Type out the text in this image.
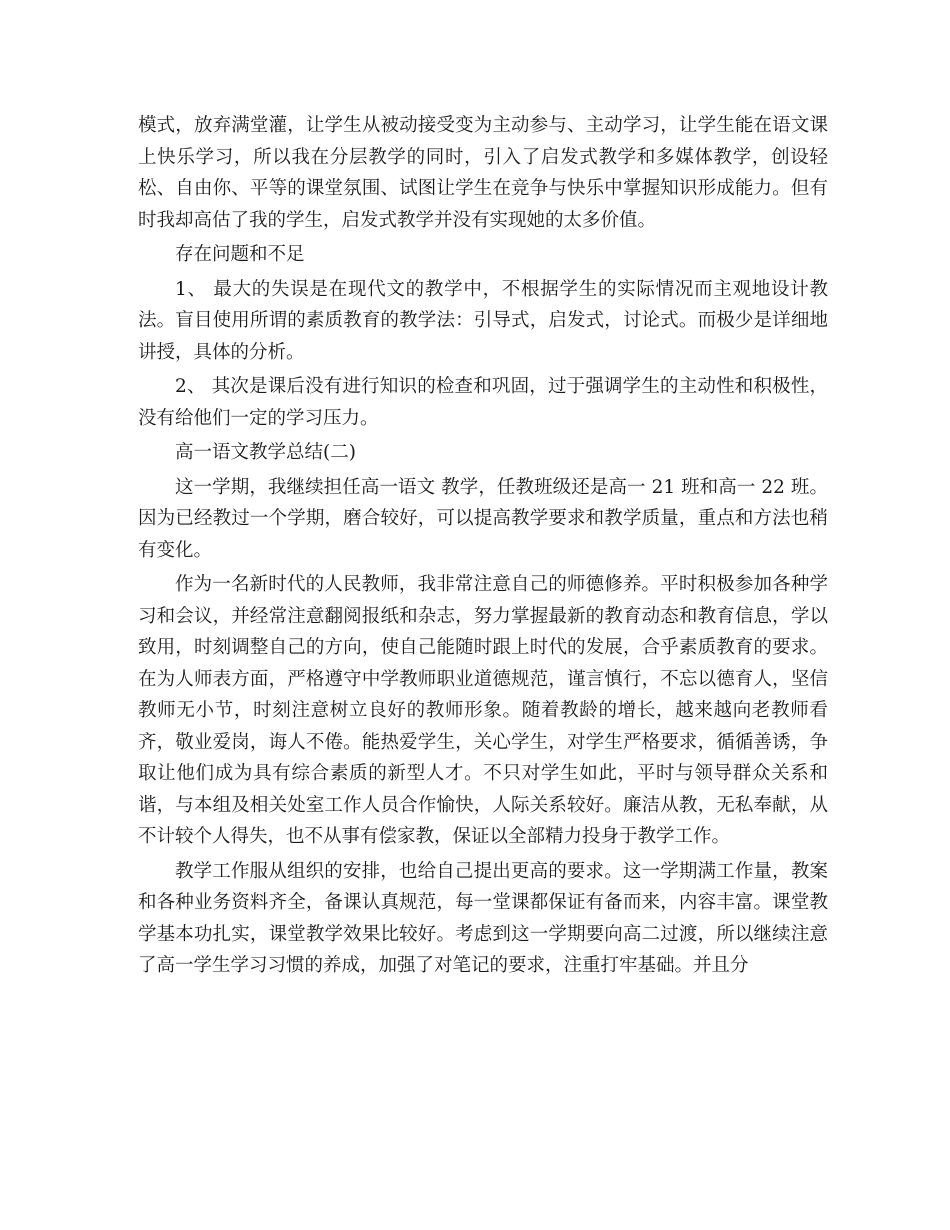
模式，放弃满堂灌，让学生从被动接受变为主动参与、主动学习，让学生能在语文课上快乐学习，所以我在分层教学的同时，引入了启发式教学和多媒体教学，创设轻松、自由你、平等的课堂氛围、试图让学生在竞争与快乐中掌握知识形成能力。但有时我却高估了我的学生，启发式教学并没有实现她的太多价值。

存在问题和不足

1、 最大的失误是在现代文的教学中，不根据学生的实际情况而主观地设计教法。盲目使用所谓的素质教育的教学法：引导式，启发式，讨论式。而极少是详细地讲授，具体的分析。

2、 其次是课后没有进行知识的检查和巩固，过于强调学生的主动性和积极性，没有给他们一定的学习压力。

高一语文教学总结(二)

这一学期，我继续担任高一语文 教学，任教班级还是高一 21 班和高一 22 班。因为已经教过一个学期，磨合较好，可以提高教学要求和教学质量，重点和方法也稍有变化。

作为一名新时代的人民教师，我非常注意自己的师德修养。平时积极参加各种学习和会议，并经常注意翻阅报纸和杂志，努力掌握最新的教育动态和教育信息，学以致用，时刻调整自己的方向，使自己能随时跟上时代的发展，合乎素质教育的要求。在为人师表方面，严格遵守中学教师职业道德规范，谨言慎行，不忘以德育人，坚信教师无小节，时刻注意树立良好的教师形象。随着教龄的增长，越来越向老教师看齐，敬业爱岗，诲人不倦。能热爱学生，关心学生，对学生严格要求，循循善诱，争取让他们成为具有综合素质的新型人才。不只对学生如此，平时与领导群众关系和谐，与本组及相关处室工作人员合作愉快，人际关系较好。廉洁从教，无私奉献，从不计较个人得失，也不从事有偿家教，保证以全部精力投身于教学工作。

教学工作服从组织的安排，也给自己提出更高的要求。这一学期满工作量，教案和各种业务资料齐全，备课认真规范，每一堂课都保证有备而来，内容丰富。课堂教学基本功扎实，课堂教学效果比较好。考虑到这一学期要向高二过渡，所以继续注意了高一学生学习习惯的养成，加强了对笔记的要求，注重打牢基础。并且分
